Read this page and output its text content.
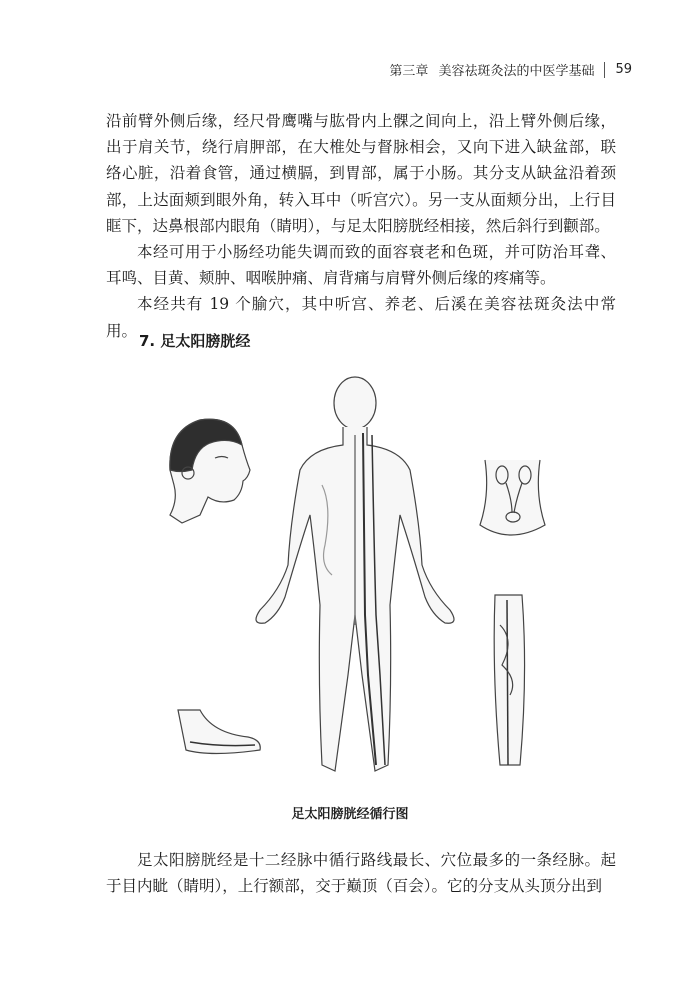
第三章 美容祛斑灸法的中医学基础 59

沿前臂外侧后缘，经尺骨鹰嘴与肱骨内上髁之间向上，沿上臂外侧后缘，出于肩关节，绕行肩胛部，在大椎处与督脉相会，又向下进入缺盆部，联络心脏，沿着食管，通过横膈，到胃部，属于小肠。其分支从缺盆沿着颈部，上达面颊到眼外角，转入耳中（听宫穴）。另一支从面颊分出，上行目眶下，达鼻根部内眼角（睛明），与足太阳膀胱经相接，然后斜行到颧部。

本经可用于小肠经功能失调而致的面容衰老和色斑，并可防治耳聋、耳鸣、目黄、颊肿、咽喉肿痛、肩背痛与肩臂外侧后缘的疼痛等。

本经共有 19 个腧穴，其中听宫、养老、后溪在美容祛斑灸法中常用。

7. 足太阳膀胱经
足太阳膀胱经循行图

足太阳膀胱经是十二经脉中循行路线最长、穴位最多的一条经脉。起于目内眦（睛明），上行额部，交于巅顶（百会）。它的分支从头顶分出到
